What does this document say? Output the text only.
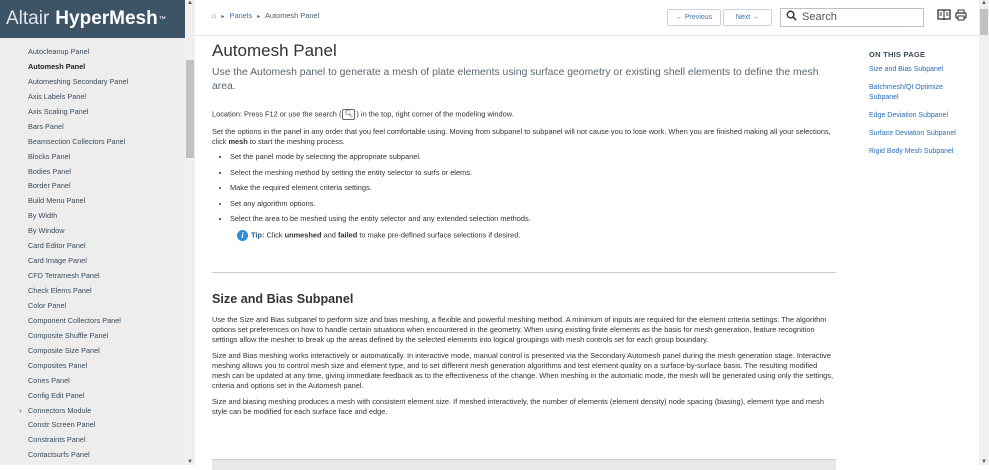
Altair HyperMesh ™
Autocleanup Panel
Automesh Panel
Automeshing Secondary Panel
Axis Labels Panel
Axis Scaling Panel
Bars Panel
Beamsection Collectors Panel
Blocks Panel
Bodies Panel
Border Panel
Build Menu Panel
By Width
By Window
Card Editor Panel
Card Image Panel
CFD Tetramesh Panel
Check Elems Panel
Color Panel
Component Collectors Panel
Composite Shuffle Panel
Composite Size Panel
Composites Panel
Cones Panel
Config Edit Panel
› Connectors Module
Constr Screen Panel
Constraints Panel
Contactsurfs Panel
▲
▼
⌂ ▸ Panels ▸ Automesh Panel	← Previous	Next →
Search
Automesh Panel
Use the Automesh panel to generate a mesh of plate elements using surface geometry or existing shell elements to define the mesh area.

Location: Press F12 or use the search ( 🔍︎ ) in the top, right corner of the modeling window.

Set the options in the panel in any order that you feel comfortable using. Moving from subpanel to subpanel will not cause you to lose work. When you are finished making all your selections, click mesh to start the meshing process.

• Set the panel mode by selecting the appropriate subpanel.
• Select the meshing method by setting the entity selector to surfs or elems.
• Make the required element criteria settings.
• Set any algorithm options.
• Select the area to be meshed using the entity selector and any extended selection methods.
i Tip: Click unmeshed and failed to make pre-defined surface selections if desired.
Size and Bias Subpanel

Use the Size and Bias subpanel to perform size and bias meshing, a flexible and powerful meshing method. A minimum of inputs are required for the element criteria settings. The algorithm options set preferences on how to handle certain situations when encountered in the geometry. When using existing finite elements as the basis for mesh generation, feature recognition settings allow the mesher to break up the areas defined by the selected elements into logical groupings with mesh controls set for each group boundary.

Size and Bias meshing works interactively or automatically. In interactive mode, manual control is presented via the Secondary Automesh panel during the mesh generation stage. Interactive meshing allows you to control mesh size and element type, and to set different mesh generation algorithms and test element quality on a surface-by-surface basis. The resulting modified mesh can be updated at any time, giving immediate feedback as to the effectiveness of the change. When meshing in the automatic mode, the mesh will be generated using only the settings, criteria and options set in the Automesh panel.

Size and biasing meshing produces a mesh with consistent element size. If meshed interactively, the number of elements (element density) node spacing (biasing), element type and mesh style can be modified for each surface face and edge.

ON THIS PAGE
Size and Bias Subpanel
Batchmesh/QI Optimize Subpanel
Edge Deviation Subpanel
Surface Deviation Subpanel
Rigid Body Mesh Subpanel
▲
▼
